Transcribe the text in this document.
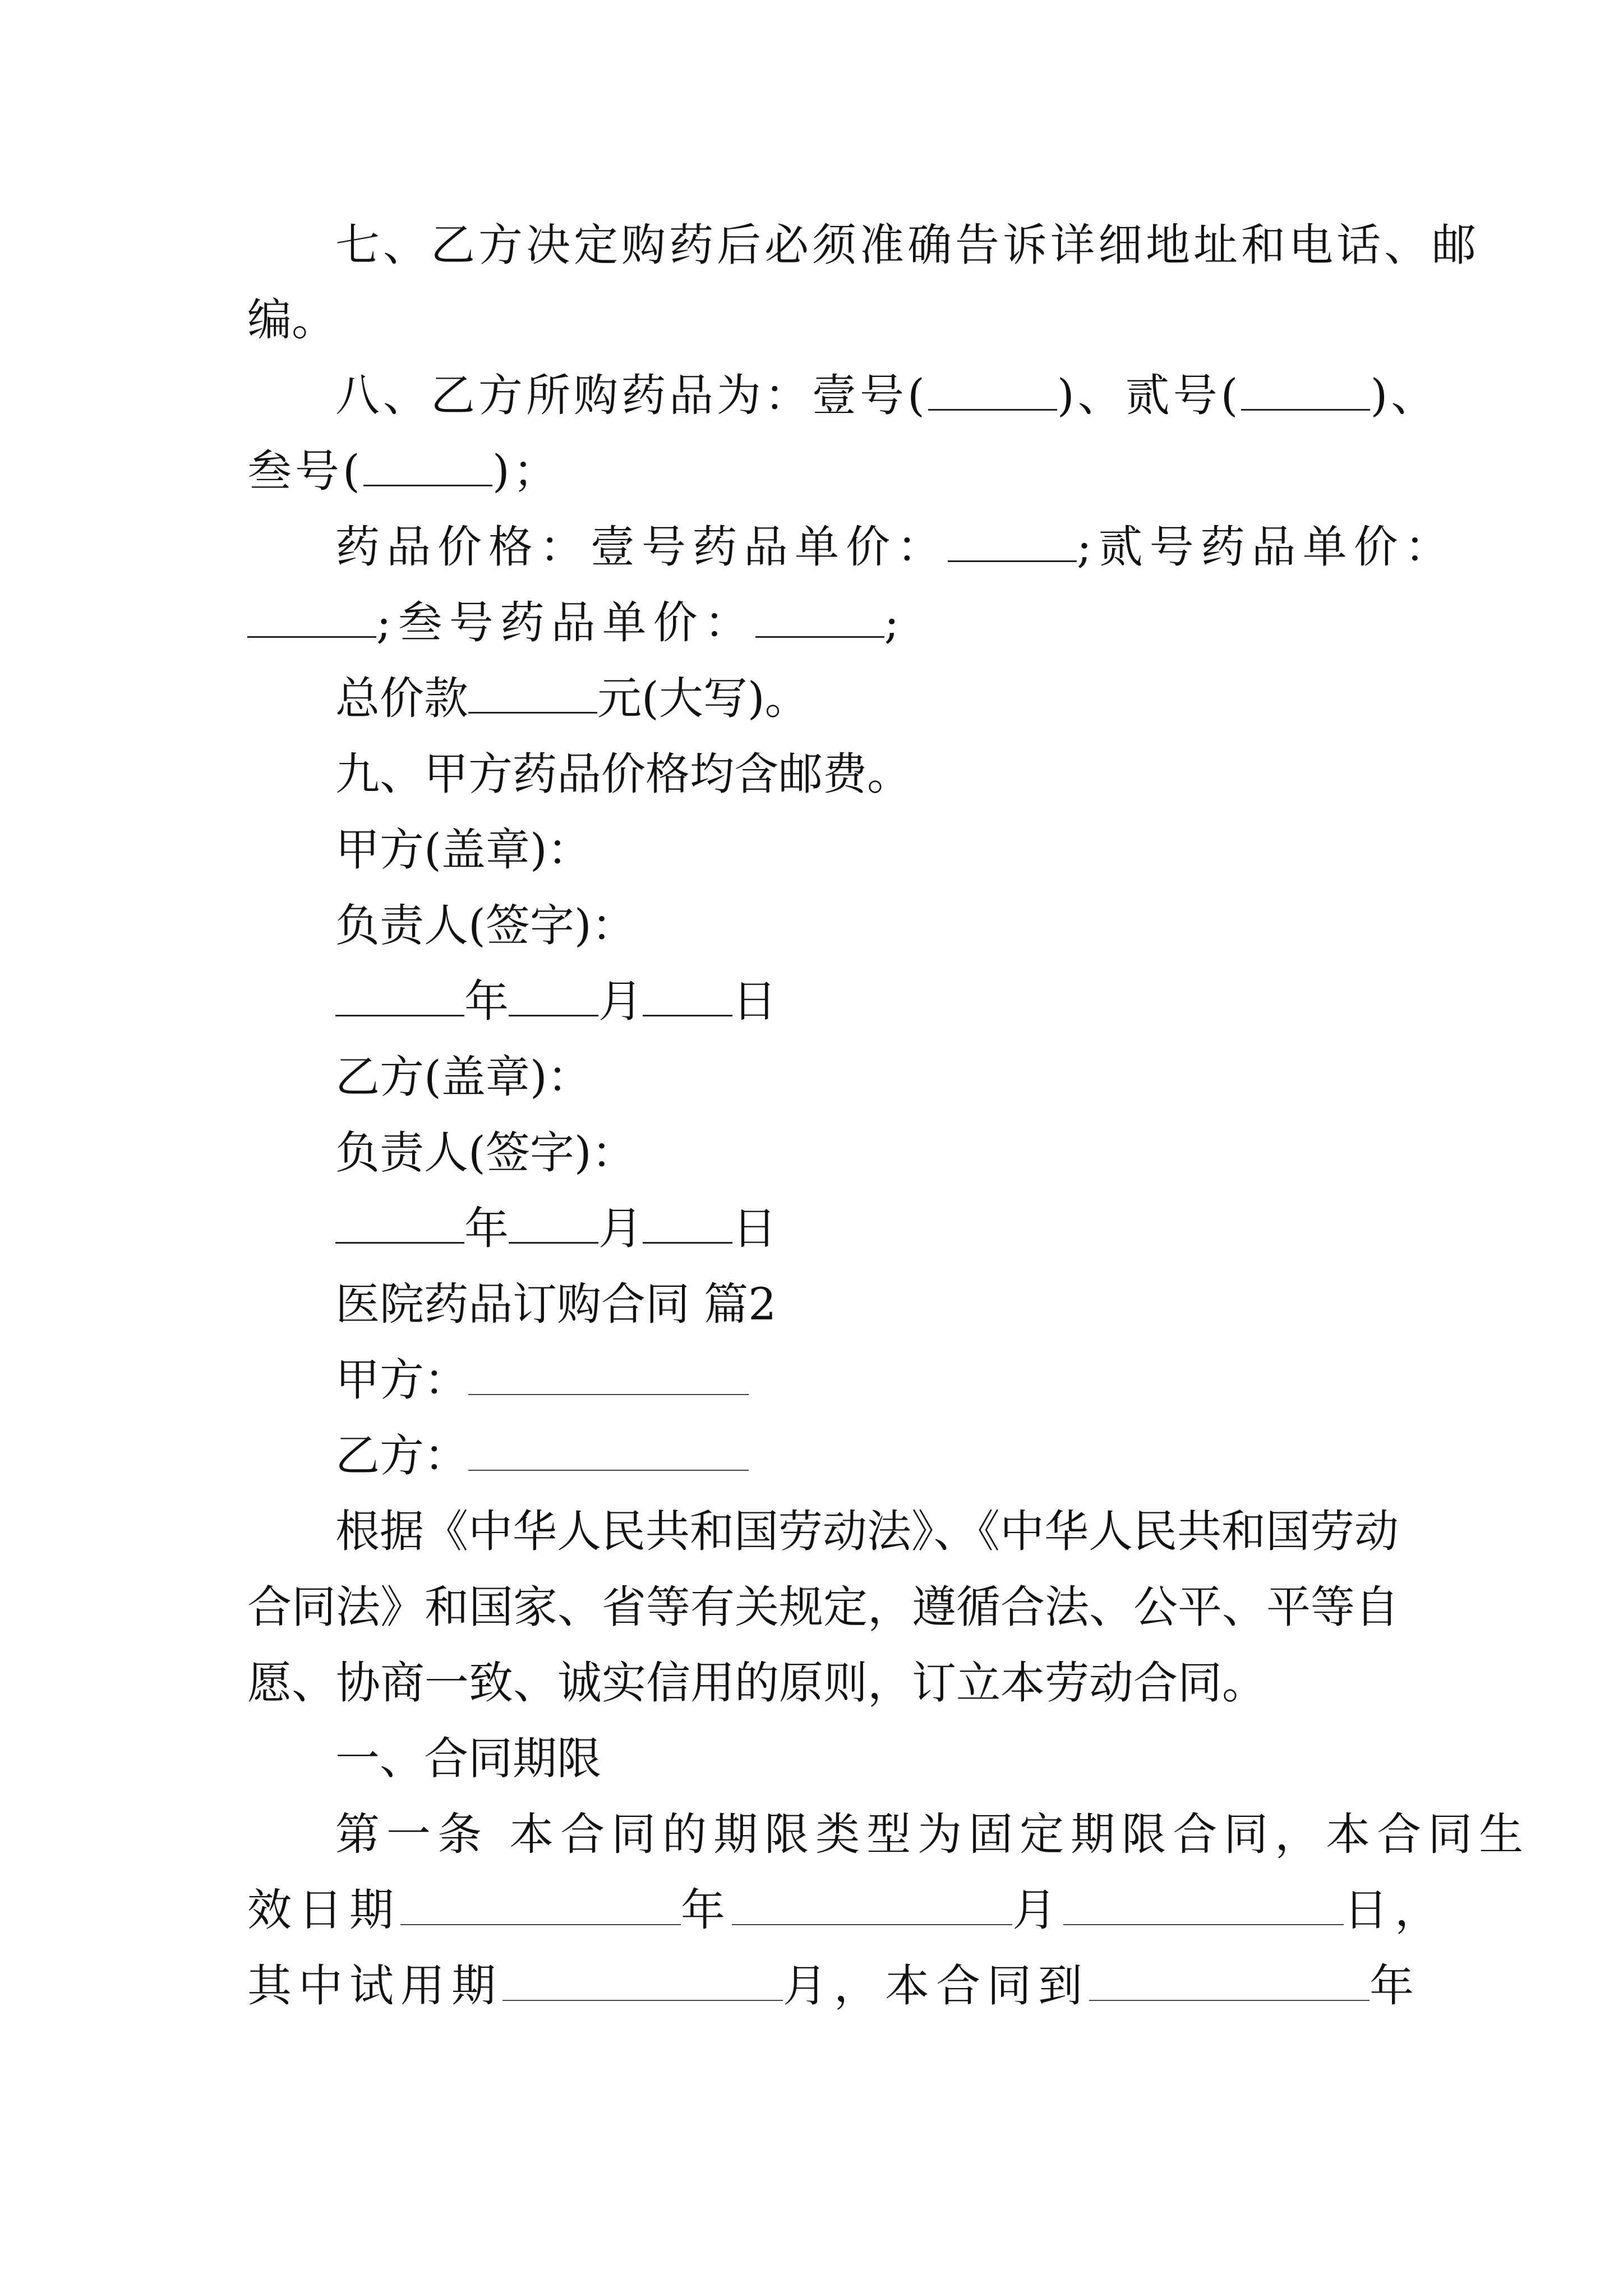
七、乙方决定购药后必须准确告诉详细地址和电话、邮
编。
八、乙方所购药品为：壹号(	)、贰号(	)、
叁号(	)；
药品价格：壹号药品单价：	;贰号药品单价：
;叁号药品单价：	;
总价款	元(大写)。
九、甲方药品价格均含邮费。
甲方(盖章)：
负责人(签字)：
年 月 日
乙方(盖章)：
负责人(签字)：
年 月 日
医院药品订购合同 篇2
甲方：
乙方：
根据《中华人民共和国劳动法》、《中华人民共和国劳动
合同法》和国家、省等有关规定，遵循合法、公平、平等自
愿、协商一致、诚实信用的原则，订立本劳动合同。
一、合同期限
第一条 本合同的期限类型为固定期限合同，本合同生
效日期	年	月	日，
其中试用期	月，本合同到	年
